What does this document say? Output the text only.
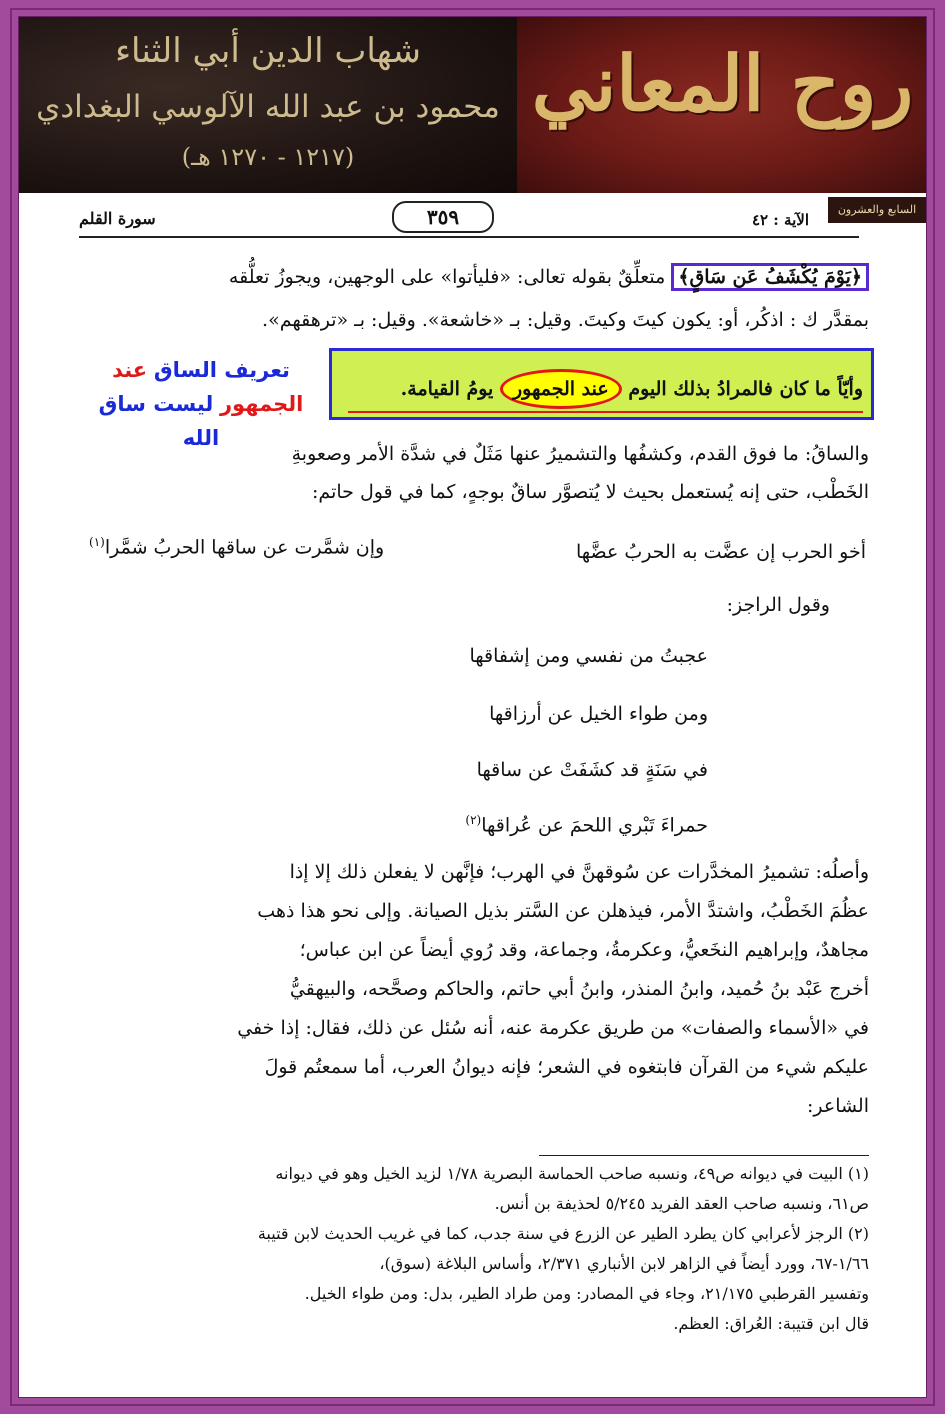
شهاب الدين أبي الثناء
محمود بن عبد الله الآلوسي البغدادي
(١٢١٧ - ١٢٧٠ هـ)
روح المعاني
السابع والعشرون
الآية : ٤٢
٣٥٩
سورة القلم
﴿يَوْمَ يُكْشَفُ عَن سَاقٍ﴾ متعلِّقٌ بقوله تعالى: «فليأتوا» على الوجهين، ويجوزُ تعلُّقه
بمقدَّر ك : اذكُر، أو: يكون كيتَ وكيتَ. وقيل: بـ «خاشعة». وقيل: بـ «ترهقهم».
تعريف الساق عند
الجمهور ليست ساق الله
وأيّاً ما كان فالمرادُ بذلك اليوم عند الجمهور يومُ القيامة.
والساقُ: ما فوق القدم، وكشفُها والتشميرُ عنها مَثَلٌ في شدَّة الأمر وصعوبةِ
الخَطْب، حتى إنه يُستعمل بحيث لا يُتصوَّر ساقٌ بوجهٍ، كما في قول حاتم:
أخو الحرب إن عضَّت به الحربُ عضَّها
وإن شمَّرت عن ساقها الحربُ شمَّرا$^{(١)}$
وقول الراجز:
عجبتُ من نفسي ومن إشفاقها
ومن طواء الخيل عن أرزاقها
في سَنَةٍ قد كشَفَتْ عن ساقها
حمراءَ تَبْري اللحمَ عن عُراقها$^{(٢)}$
وأصلُه: تشميرُ المخدَّرات عن سُوقهنَّ في الهرب؛ فإنَّهن لا يفعلن ذلك إلا إذا
عظُمَ الخَطْبُ، واشتدَّ الأمر، فيذهلن عن السَّتر بذيل الصيانة. وإلى نحو هذا ذهب
مجاهدٌ، وإبراهيم النخَعيُّ، وعكرمةُ، وجماعة، وقد رُوي أيضاً عن ابن عباس؛
أخرج عَبْد بنُ حُميد، وابنُ المنذر، وابنُ أبي حاتم، والحاكم وصحَّحه، والبيهقيُّ
في «الأسماء والصفات» من طريق عكرمة عنه، أنه سُئل عن ذلك، فقال: إذا خفي
عليكم شيء من القرآن فابتغوه في الشعر؛ فإنه ديوانُ العرب، أما سمعتُم قولَ
الشاعر:

(١) البيت في ديوانه ص٤٩، ونسبه صاحب الحماسة البصرية ١/٧٨ لزيد الخيل وهو في ديوانه

ص٦١، ونسبه صاحب العقد الفريد ٥/٢٤٥ لحذيفة بن أنس.

(٢) الرجز لأعرابي كان يطرد الطير عن الزرع في سنة جدب، كما في غريب الحديث لابن قتيبة

١/٦٦-٦٧، وورد أيضاً في الزاهر لابن الأنباري ٢/٣٧١، وأساس البلاغة (سوق)،

وتفسير القرطبي ٢١/١٧٥، وجاء في المصادر: ومن طراد الطير، بدل: ومن طواء الخيل.

قال ابن قتيبة: العُراق: العظم.
